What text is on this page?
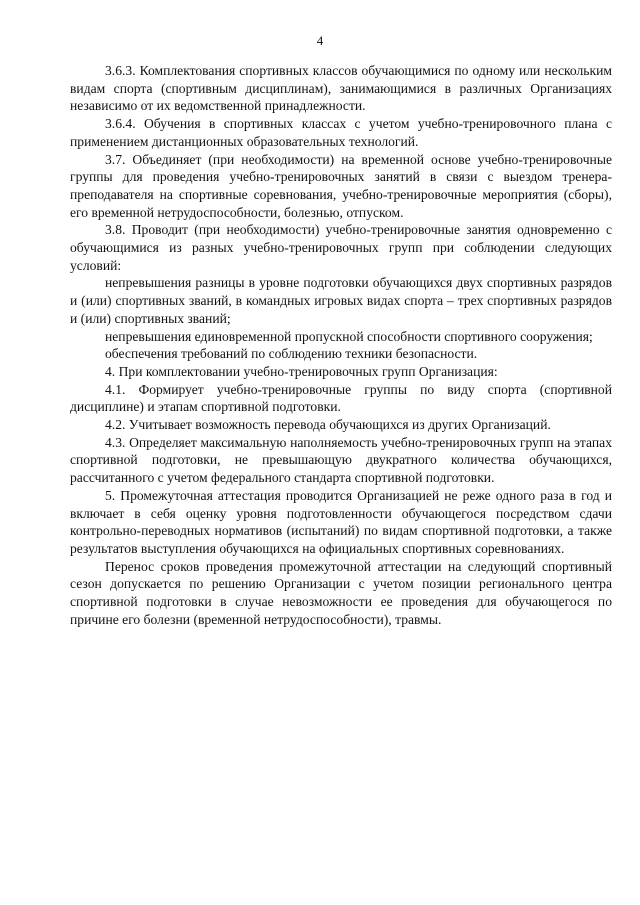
4

3.6.3. Комплектования спортивных классов обучающимися по одному или нескольким видам спорта (спортивным дисциплинам), занимающимися в различных Организациях независимо от их ведомственной принадлежности.

3.6.4. Обучения в спортивных классах с учетом учебно-тренировочного плана с применением дистанционных образовательных технологий.

3.7. Объединяет (при необходимости) на временной основе учебно-тренировочные группы для проведения учебно-тренировочных занятий в связи с выездом тренера-преподавателя на спортивные соревнования, учебно-тренировочные мероприятия (сборы), его временной нетрудоспособности, болезнью, отпуском.

3.8. Проводит (при необходимости) учебно-тренировочные занятия одновременно с обучающимися из разных учебно-тренировочных групп при соблюдении следующих условий:

непревышения разницы в уровне подготовки обучающихся двух спортивных разрядов и (или) спортивных званий, в командных игровых видах спорта – трех спортивных разрядов и (или) спортивных званий;

непревышения единовременной пропускной способности спортивного сооружения;

обеспечения требований по соблюдению техники безопасности.

4. При комплектовании учебно-тренировочных групп Организация:

4.1. Формирует учебно-тренировочные группы по виду спорта (спортивной дисциплине) и этапам спортивной подготовки.

4.2. Учитывает возможность перевода обучающихся из других Организаций.

4.3. Определяет максимальную наполняемость учебно-тренировочных групп на этапах спортивной подготовки, не превышающую двукратного количества обучающихся, рассчитанного с учетом федерального стандарта спортивной подготовки.

5. Промежуточная аттестация проводится Организацией не реже одного раза в год и включает в себя оценку уровня подготовленности обучающегося посредством сдачи контрольно-переводных нормативов (испытаний) по видам спортивной подготовки, а также результатов выступления обучающихся на официальных спортивных соревнованиях.

Перенос сроков проведения промежуточной аттестации на следующий спортивный сезон допускается по решению Организации с учетом позиции регионального центра спортивной подготовки в случае невозможности ее проведения для обучающегося по причине его болезни (временной нетрудоспособности), травмы.
